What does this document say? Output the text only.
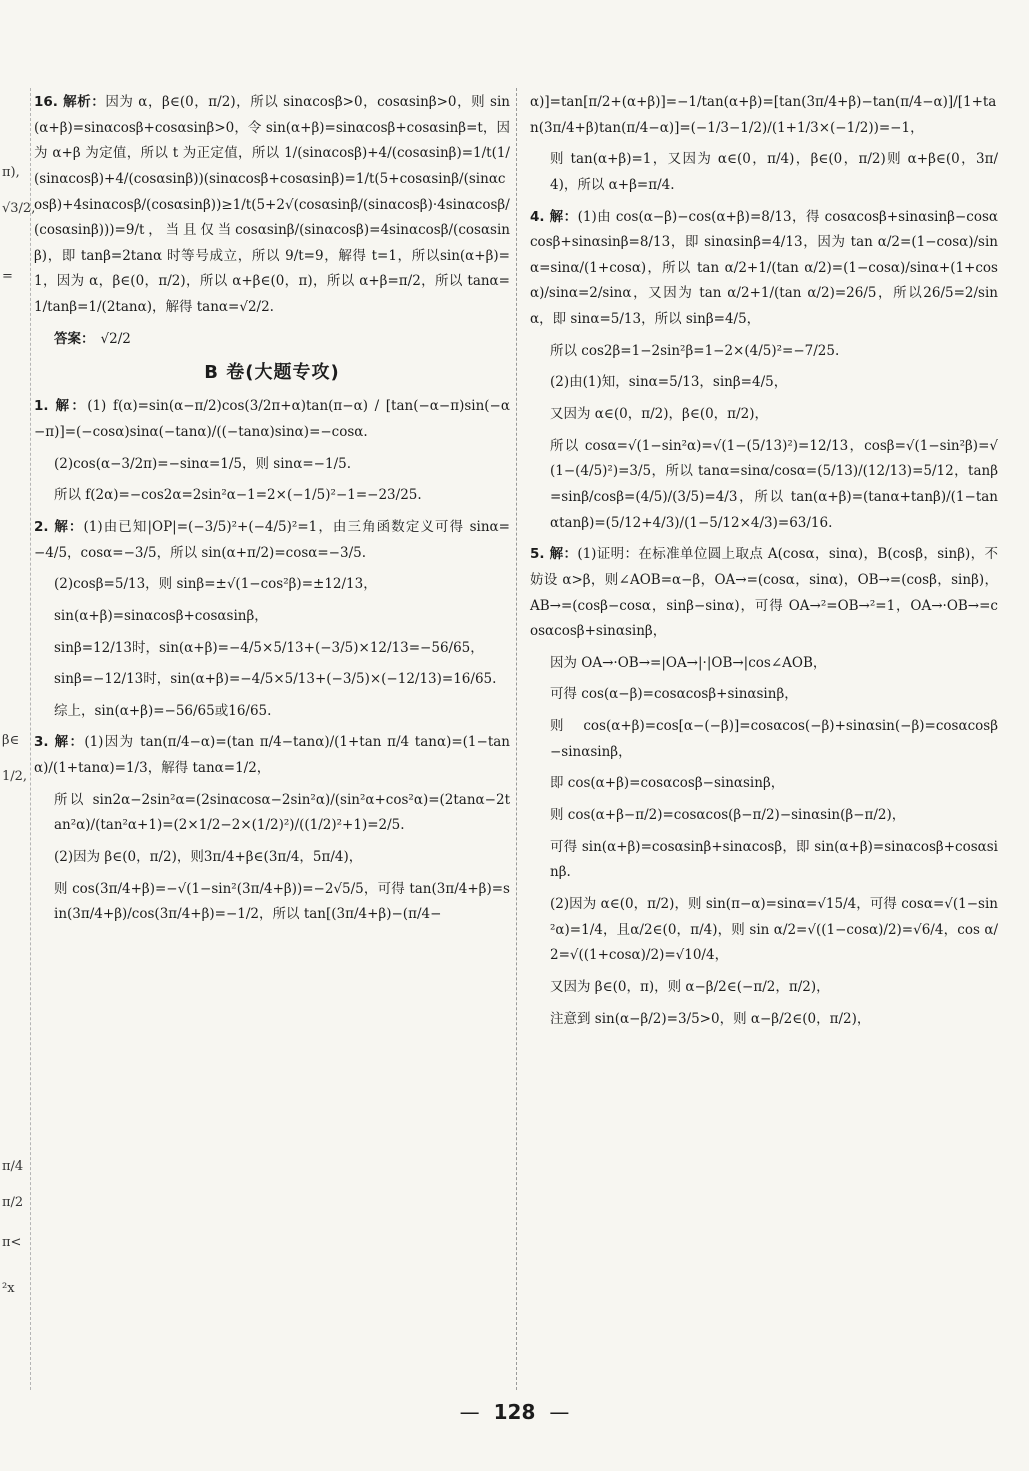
π),
√3/2,
=
β∈
1/2,
π/4
π/2
π<
²x
16. 解析：因为 α，β∈(0，π/2)，所以 sinαcosβ>0，cosαsinβ>0，则 sin(α+β)=sinαcosβ+cosαsinβ>0，令 sin(α+β)=sinαcosβ+cosαsinβ=t，因为 α+β 为定值，所以 t 为正定值，所以 1/(sinαcosβ)+4/(cosαsinβ)=1/t(1/(sinαcosβ)+4/(cosαsinβ))(sinαcosβ+cosαsinβ)=1/t(5+cosαsinβ/(sinαcosβ)+4sinαcosβ/(cosαsinβ))≥1/t(5+2√(cosαsinβ/(sinαcosβ)·4sinαcosβ/(cosαsinβ)))=9/t，当且仅当cosαsinβ/(sinαcosβ)=4sinαcosβ/(cosαsinβ)，即 tanβ=2tanα 时等号成立，所以 9/t=9，解得 t=1，所以sin(α+β)=1，因为 α，β∈(0，π/2)，所以 α+β∈(0，π)，所以 α+β=π/2，所以 tanα=1/tanβ=1/(2tanα)，解得 tanα=√2/2.
答案： √2/2
B 卷(大题专攻)
1. 解：(1) f(α)=sin(α−π/2)cos(3/2π+α)tan(π−α) / [tan(−α−π)sin(−α−π)]=(−cosα)sinα(−tanα)/((−tanα)sinα)=−cosα.
(2)cos(α−3/2π)=−sinα=1/5，则 sinα=−1/5.
所以 f(2α)=−cos2α=2sin²α−1=2×(−1/5)²−1=−23/25.
2. 解：(1)由已知|OP|=(−3/5)²+(−4/5)²=1，由三角函数定义可得 sinα=−4/5，cosα=−3/5，所以 sin(α+π/2)=cosα=−3/5.
(2)cosβ=5/13，则 sinβ=±√(1−cos²β)=±12/13，
sin(α+β)=sinαcosβ+cosαsinβ，
sinβ=12/13时，sin(α+β)=−4/5×5/13+(−3/5)×12/13=−56/65，
sinβ=−12/13时，sin(α+β)=−4/5×5/13+(−3/5)×(−12/13)=16/65.
综上，sin(α+β)=−56/65或16/65.
3. 解：(1)因为 tan(π/4−α)=(tan π/4−tanα)/(1+tan π/4 tanα)=(1−tanα)/(1+tanα)=1/3，解得 tanα=1/2，
所以 sin2α−2sin²α=(2sinαcosα−2sin²α)/(sin²α+cos²α)=(2tanα−2tan²α)/(tan²α+1)=(2×1/2−2×(1/2)²)/((1/2)²+1)=2/5.
(2)因为 β∈(0，π/2)，则3π/4+β∈(3π/4，5π/4)，
则 cos(3π/4+β)=−√(1−sin²(3π/4+β))=−2√5/5，可得 tan(3π/4+β)=sin(3π/4+β)/cos(3π/4+β)=−1/2，所以 tan[(3π/4+β)−(π/4−
α)]=tan[π/2+(α+β)]=−1/tan(α+β)=[tan(3π/4+β)−tan(π/4−α)]/[1+tan(3π/4+β)tan(π/4−α)]=(−1/3−1/2)/(1+1/3×(−1/2))=−1，
则 tan(α+β)=1，又因为 α∈(0，π/4)，β∈(0，π/2)则 α+β∈(0，3π/4)，所以 α+β=π/4.
4. 解：(1)由 cos(α−β)−cos(α+β)=8/13，得 cosαcosβ+sinαsinβ−cosαcosβ+sinαsinβ=8/13，即 sinαsinβ=4/13，因为 tan α/2=(1−cosα)/sinα=sinα/(1+cosα)，所以 tan α/2+1/(tan α/2)=(1−cosα)/sinα+(1+cosα)/sinα=2/sinα，又因为 tan α/2+1/(tan α/2)=26/5，所以26/5=2/sinα，即 sinα=5/13，所以 sinβ=4/5，
所以 cos2β=1−2sin²β=1−2×(4/5)²=−7/25.
(2)由(1)知，sinα=5/13，sinβ=4/5，
又因为 α∈(0，π/2)，β∈(0，π/2)，
所以 cosα=√(1−sin²α)=√(1−(5/13)²)=12/13，cosβ=√(1−sin²β)=√(1−(4/5)²)=3/5，所以 tanα=sinα/cosα=(5/13)/(12/13)=5/12，tanβ=sinβ/cosβ=(4/5)/(3/5)=4/3，所以 tan(α+β)=(tanα+tanβ)/(1−tanαtanβ)=(5/12+4/3)/(1−5/12×4/3)=63/16.
5. 解：(1)证明：在标准单位圆上取点 A(cosα，sinα)，B(cosβ，sinβ)，不妨设 α>β，则∠AOB=α−β，OA→=(cosα，sinα)，OB→=(cosβ，sinβ)，AB→=(cosβ−cosα，sinβ−sinα)，可得 OA→²=OB→²=1，OA→·OB→=cosαcosβ+sinαsinβ，
因为 OA→·OB→=|OA→|·|OB→|cos∠AOB，
可得 cos(α−β)=cosαcosβ+sinαsinβ，
则 cos(α+β)=cos[α−(−β)]=cosαcos(−β)+sinαsin(−β)=cosαcosβ−sinαsinβ，
即 cos(α+β)=cosαcosβ−sinαsinβ，
则 cos(α+β−π/2)=cosαcos(β−π/2)−sinαsin(β−π/2)，
可得 sin(α+β)=cosαsinβ+sinαcosβ，即 sin(α+β)=sinαcosβ+cosαsinβ.
(2)因为 α∈(0，π/2)，则 sin(π−α)=sinα=√15/4，可得 cosα=√(1−sin²α)=1/4，且α/2∈(0，π/4)，则 sin α/2=√((1−cosα)/2)=√6/4，cos α/2=√((1+cosα)/2)=√10/4，
又因为 β∈(0，π)，则 α−β/2∈(−π/2，π/2)，
注意到 sin(α−β/2)=3/5>0，则 α−β/2∈(0，π/2)，
— 128 —
